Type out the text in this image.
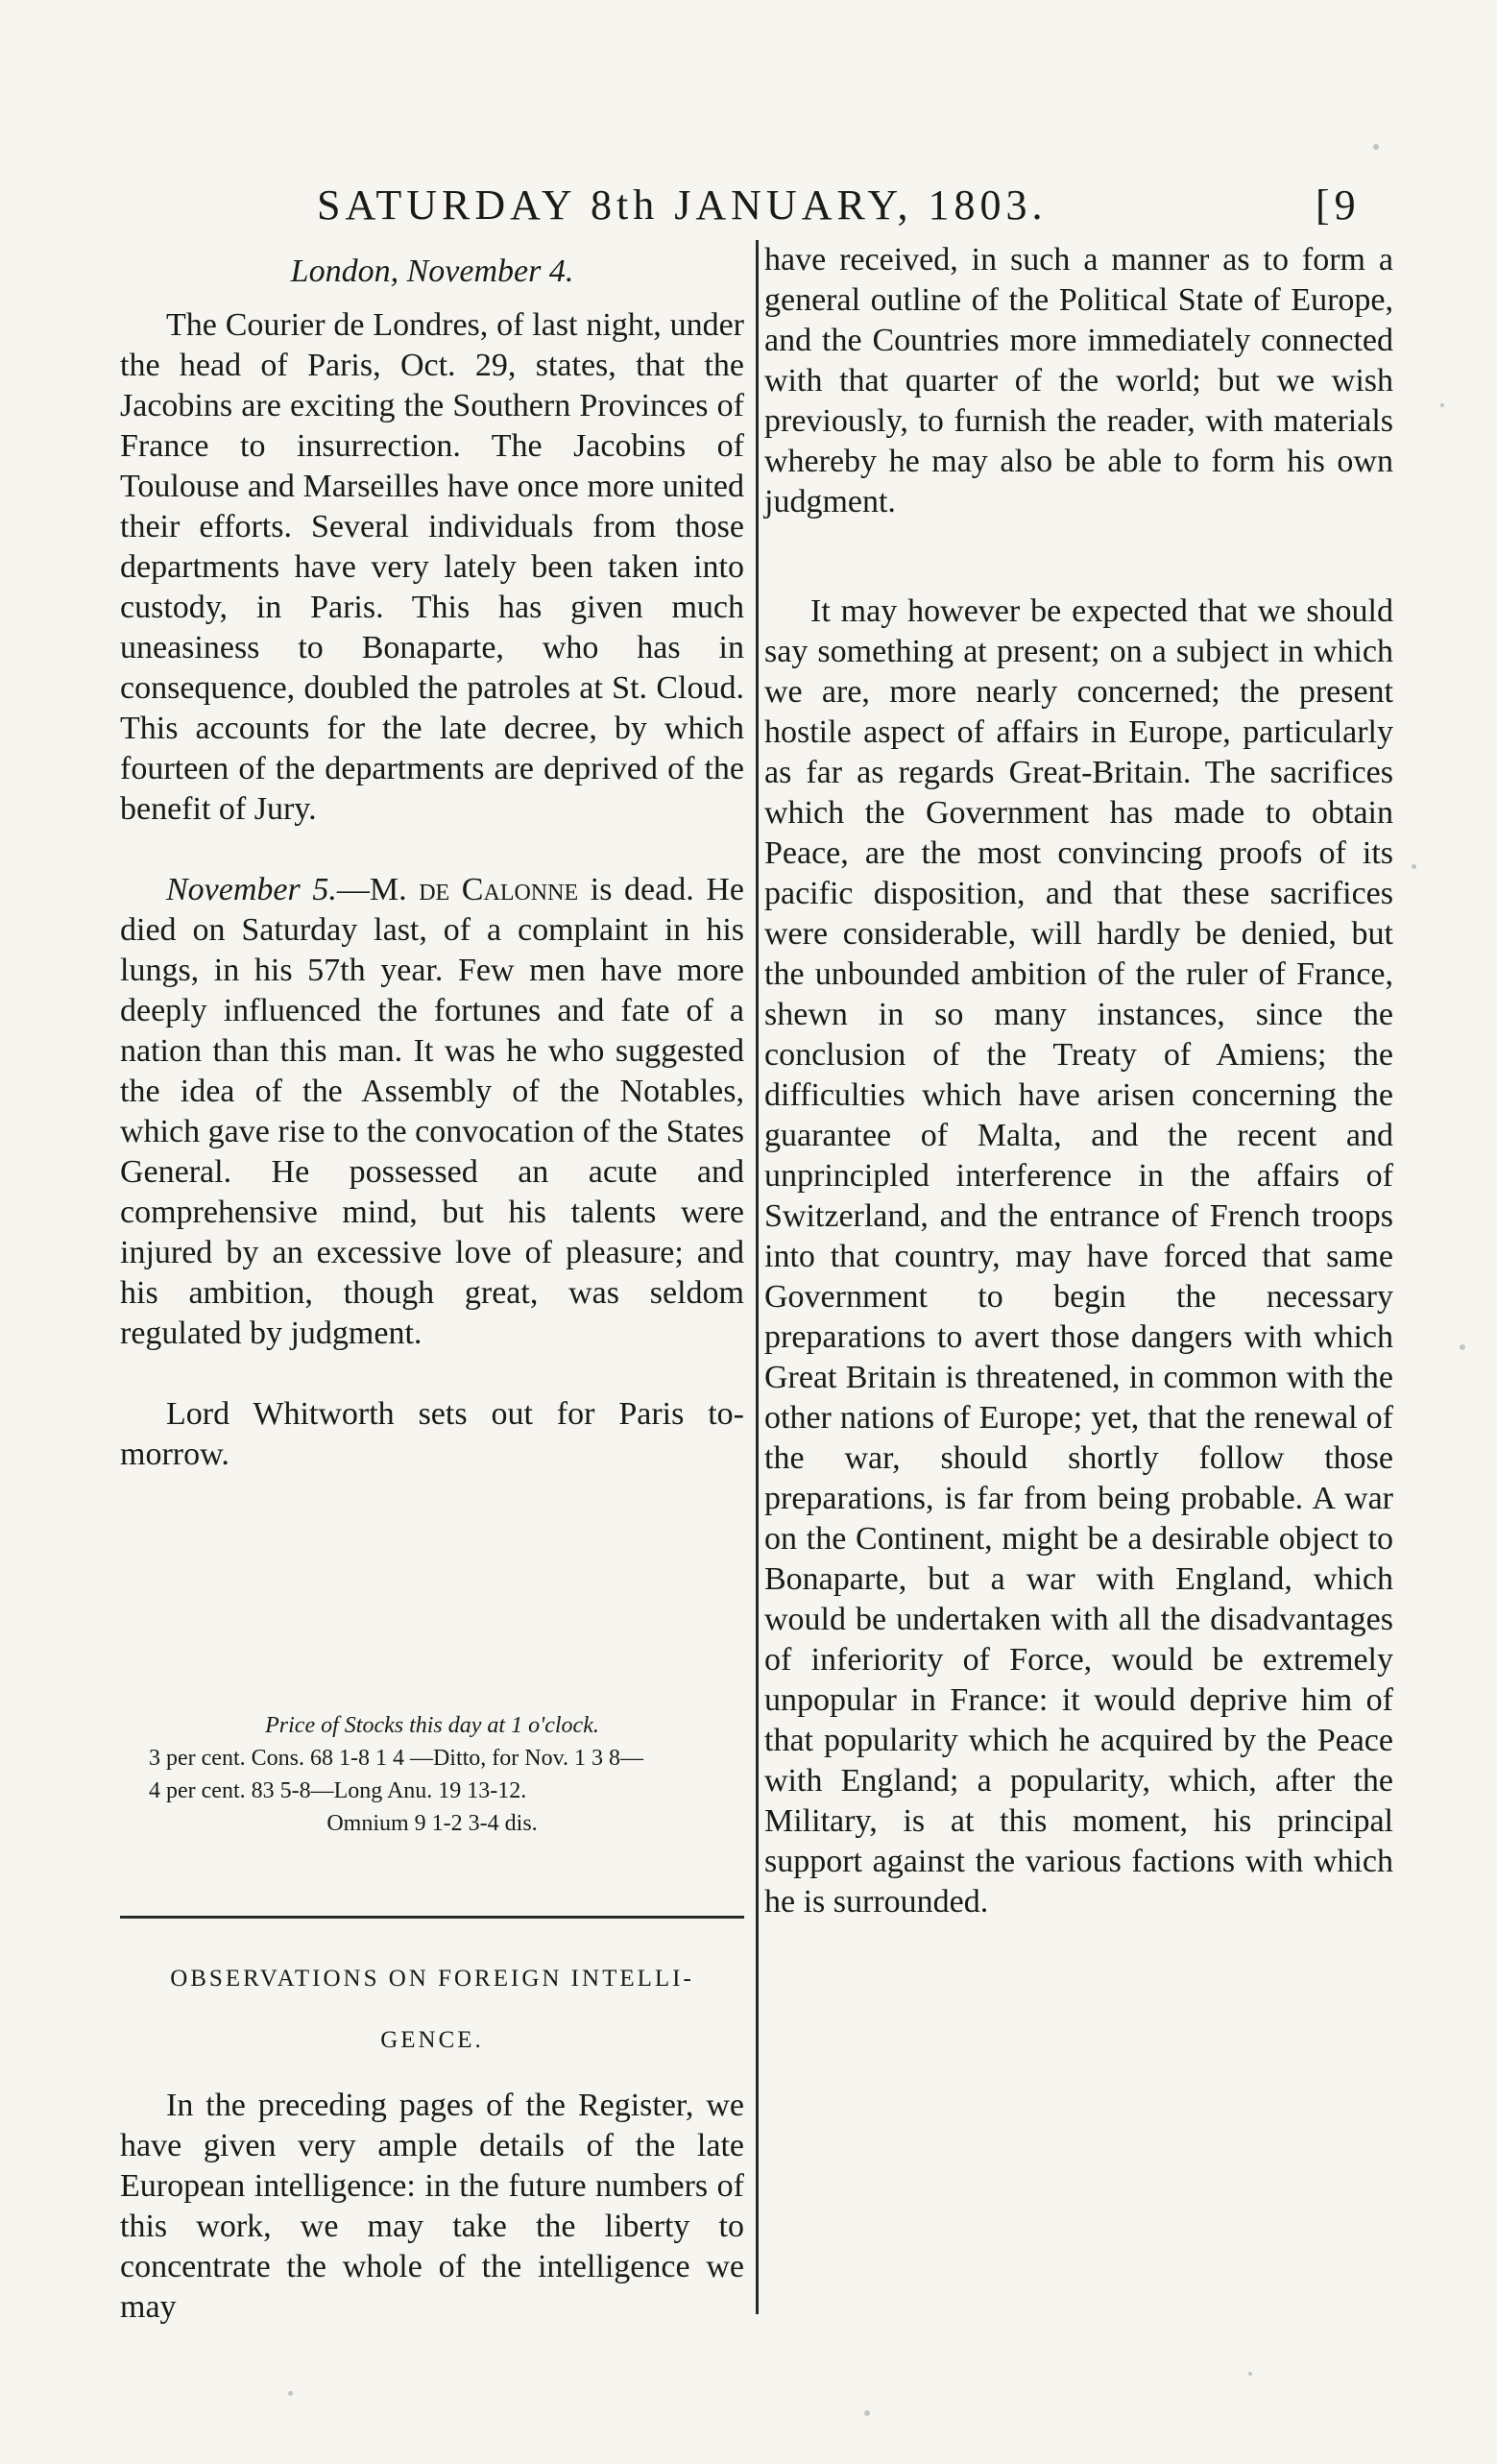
SATURDAY 8th JANUARY, 1803.	[9

London, November 4.

The Courier de Londres, of last night, under the head of Paris, Oct. 29, states, that the Jacobins are exciting the Southern Provinces of France to insurrection. The Jacobins of Toulouse and Marseilles have once more united their efforts. Several individuals from those departments have very lately been taken into custody, in Paris. This has given much uneasiness to Bonaparte, who has in consequence, doubled the patroles at St. Cloud. This accounts for the late decree, by which fourteen of the departments are deprived of the benefit of Jury.

November 5.—M. de Calonne is dead. He died on Saturday last, of a complaint in his lungs, in his 57th year. Few men have more deeply influenced the fortunes and fate of a nation than this man. It was he who suggested the idea of the Assembly of the Notables, which gave rise to the convocation of the States General. He possessed an acute and comprehensive mind, but his talents were injured by an excessive love of pleasure; and his ambition, though great, was seldom regulated by judgment.

Lord Whitworth sets out for Paris to-morrow.

Price of Stocks this day at 1 o'clock.

3 per cent. Cons. 68 1-8 1 4 —Ditto, for Nov. 1 3 8—

4 per cent. 83 5-8—Long Anu. 19 13-12.

Omnium 9 1-2 3-4 dis.

OBSERVATIONS ON FOREIGN INTELLI-
GENCE.

In the preceding pages of the Register, we have given very ample details of the late European intelligence: in the future numbers of this work, we may take the liberty to concentrate the whole of the intelligence we may

have received, in such a manner as to form a general outline of the Political State of Europe, and the Countries more immediately connected with that quarter of the world; but we wish previously, to furnish the reader, with materials whereby he may also be able to form his own judgment.

It may however be expected that we should say something at present; on a subject in which we are, more nearly concerned; the present hostile aspect of affairs in Europe, particularly as far as regards Great-Britain. The sacrifices which the Government has made to obtain Peace, are the most convincing proofs of its pacific disposition, and that these sacrifices were considerable, will hardly be denied, but the unbounded ambition of the ruler of France, shewn in so many instances, since the conclusion of the Treaty of Amiens; the difficulties which have arisen concerning the guarantee of Malta, and the recent and unprincipled interference in the affairs of Switzerland, and the entrance of French troops into that country, may have forced that same Government to begin the necessary preparations to avert those dangers with which Great Britain is threatened, in common with the other nations of Europe; yet, that the renewal of the war, should shortly follow those preparations, is far from being probable. A war on the Continent, might be a desirable object to Bonaparte, but a war with England, which would be undertaken with all the disadvantages of inferiority of Force, would be extremely unpopular in France: it would deprive him of that popularity which he acquired by the Peace with England; a popularity, which, after the Military, is at this moment, his principal support against the various factions with which he is surrounded.
